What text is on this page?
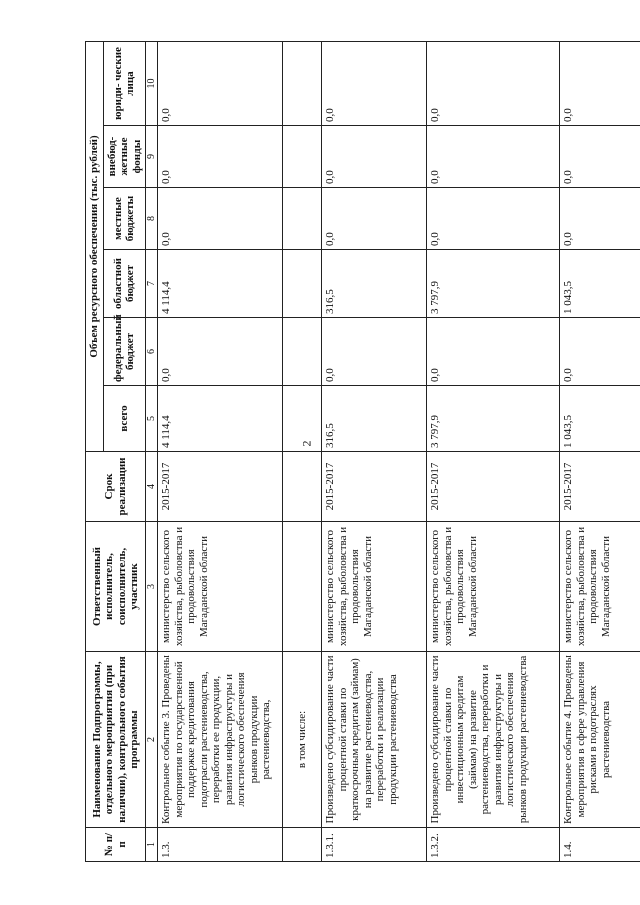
2
№ п/п	Наименование Подпрограммы, отдельного мероприятия (при наличии), контрольного события программы	Ответственный исполнитель, соисполнитель, участник	Срок реализации	Объем ресурсного обеспечения (тыс. рублей)					
				всего	федеральный бюджет	областной бюджет	местные бюджеты	внебюд- жетные фонды	юриди- ческие лица
1	2	3	4	5	6	7	8	9	10
1.3.	Контрольное событие 3. Проведены мероприятия по государственной поддержке кредитования подотрасли растениеводства, переработки ее продукции, развития инфраструктуры и логистического обеспечения рынков продукции растениеводства,	министерство сельского хозяйства, рыболовства и продовольствия Магаданской области	2015-2017	4 114,4	0,0	4 114,4	0,0	0,0	0,0
	в том числе:								
1.3.1.	Произведено субсидирование части процентной ставки по краткосрочным кредитам (займам) на развитие растениеводства, переработки и реализации продукции растениеводства	министерство сельского хозяйства, рыболовства и продовольствия Магаданской области	2015-2017	316,5	0,0	316,5	0,0	0,0	0,0
1.3.2.	Произведено субсидирование части процентной ставки по инвестиционным кредитам (займам) на развитие растениеводства, переработки и развития инфраструктуры и логистического обеспечения рынков продукции растениеводства	министерство сельского хозяйства, рыболовства и продовольствия Магаданской области	2015-2017	3 797,9	0,0	3 797,9	0,0	0,0	0,0
1.4.	Контрольное событие 4. Проведены мероприятия в сфере управления рисками в подотраслях растениеводства	министерство сельского хозяйства, рыболовства и продовольствия Магаданской области	2015-2017	1 043,5	0,0	1 043,5	0,0	0,0	0,0
